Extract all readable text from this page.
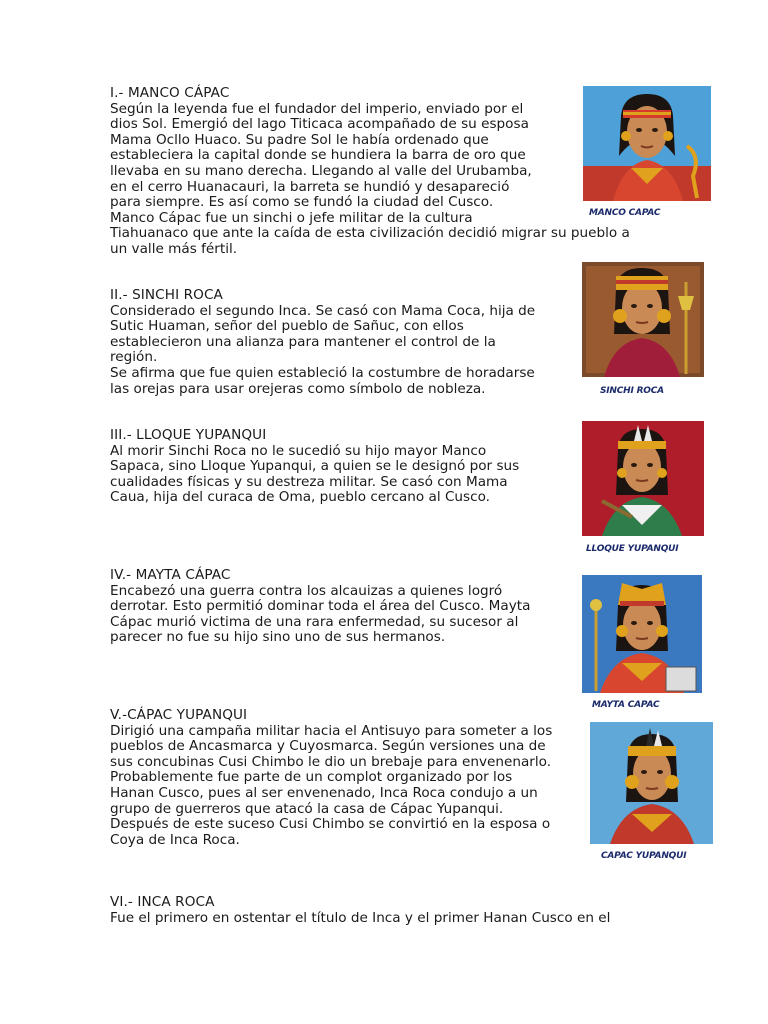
I.- MANCO CÁPAC
Según la leyenda fue el fundador del imperio, enviado por el
dios Sol. Emergió del lago Titicaca acompañado de su esposa
Mama Ocllo Huaco. Su padre Sol le había ordenado que
estableciera la capital donde se hundiera la barra de oro que
llevaba en su mano derecha. Llegando al valle del Urubamba,
en el cerro Huanacauri, la barreta se hundió y desapareció
para siempre. Es así como se fundó la ciudad del Cusco.
Manco Cápac fue un sinchi o jefe militar de la cultura
Tiahuanaco que ante la caída de esta civilización decidió migrar su pueblo a
un valle más fértil.
II.- SINCHI ROCA
Considerado el segundo Inca. Se casó con Mama Coca, hija de
Sutic Huaman, señor del pueblo de Sañuc, con ellos
establecieron una alianza para mantener el control de la
región.
Se afirma que fue quien estableció la costumbre de horadarse
las orejas para usar orejeras como símbolo de nobleza.
III.- LLOQUE YUPANQUI
Al morir Sinchi Roca no le sucedió su hijo mayor Manco
Sapaca, sino Lloque Yupanqui, a quien se le designó por sus
cualidades físicas y su destreza militar. Se casó con Mama
Caua, hija del curaca de Oma, pueblo cercano al Cusco.
IV.- MAYTA CÁPAC
Encabezó una guerra contra los alcauizas a quienes logró
derrotar. Esto permitió dominar toda el área del Cusco. Mayta
Cápac murió victima de una rara enfermedad, su sucesor al
parecer no fue su hijo sino uno de sus hermanos.
V.-CÁPAC YUPANQUI
Dirigió una campaña militar hacia el Antisuyo para someter a los
pueblos de Ancasmarca y Cuyosmarca. Según versiones una de
sus concubinas Cusi Chimbo le dio un brebaje para envenenarlo.
Probablemente fue parte de un complot organizado por los
Hanan Cusco, pues al ser envenenado, Inca Roca condujo a un
grupo de guerreros que atacó la casa de Cápac Yupanqui.
Después de este suceso Cusi Chimbo se convirtió en la esposa o
Coya de Inca Roca.
VI.- INCA ROCA
Fue el primero en ostentar el título de Inca y el primer Hanan Cusco en el
MANCO CAPAC
SINCHI ROCA
LLOQUE YUPANQUI
MAYTA CAPAC
CAPAC YUPANQUI
